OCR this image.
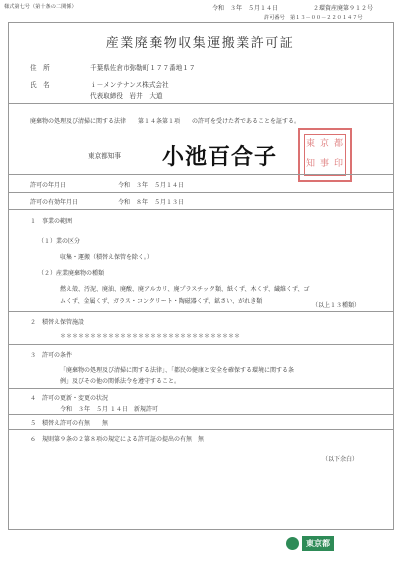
様式第七号（第十条の二関係）	令和　３年　５月１４日	２環資産廃第９１２号
許可番号　第１３－００－２２０１４７号
産業廃棄物収集運搬業許可証
住　所	千葉県佐倉市弥勒町１７７番地１７
氏　名	ｉ－メンテナンス株式会社
代表取締役　岩井　大道
廃棄物の処理及び清掃に関する法律　　第１４条第１項　　の許可を受けた者であることを証する。
東京都知事 小池百合子	東 京 都
知 事 印
許可の年月日	令和　３年　５月１４日
許可の有効年月日	令和　８年　５月１３日
１　事業の範囲
（１）業の区分
収集・運搬（積替え保管を除く。）
（２）産業廃棄物の種類
燃え殻、汚泥、廃油、廃酸、廃アルカリ、廃プラスチック類、紙くず、木くず、繊維くず、ゴ
ムくず、金属くず、ガラス・コンクリート・陶磁器くず、鉱さい、がれき類
（以上１３種類）
２　積替え保管施設
＊＊＊＊＊＊＊＊＊＊＊＊＊＊＊＊＊＊＊＊＊＊＊＊＊＊＊＊＊＊
３　許可の条件
「廃棄物の処理及び清掃に関する法律」、「都民の健康と安全を確保する環境に関する条
例」及びその他の関係法令を遵守すること。
４　許可の更新・変更の状況
令和　３年　５月 １４日　新規許可
５　積替え許可の有無　　無
６　規則第９条の２第８項の規定による許可証の提出の有無　無
（以下余白）
東京都
